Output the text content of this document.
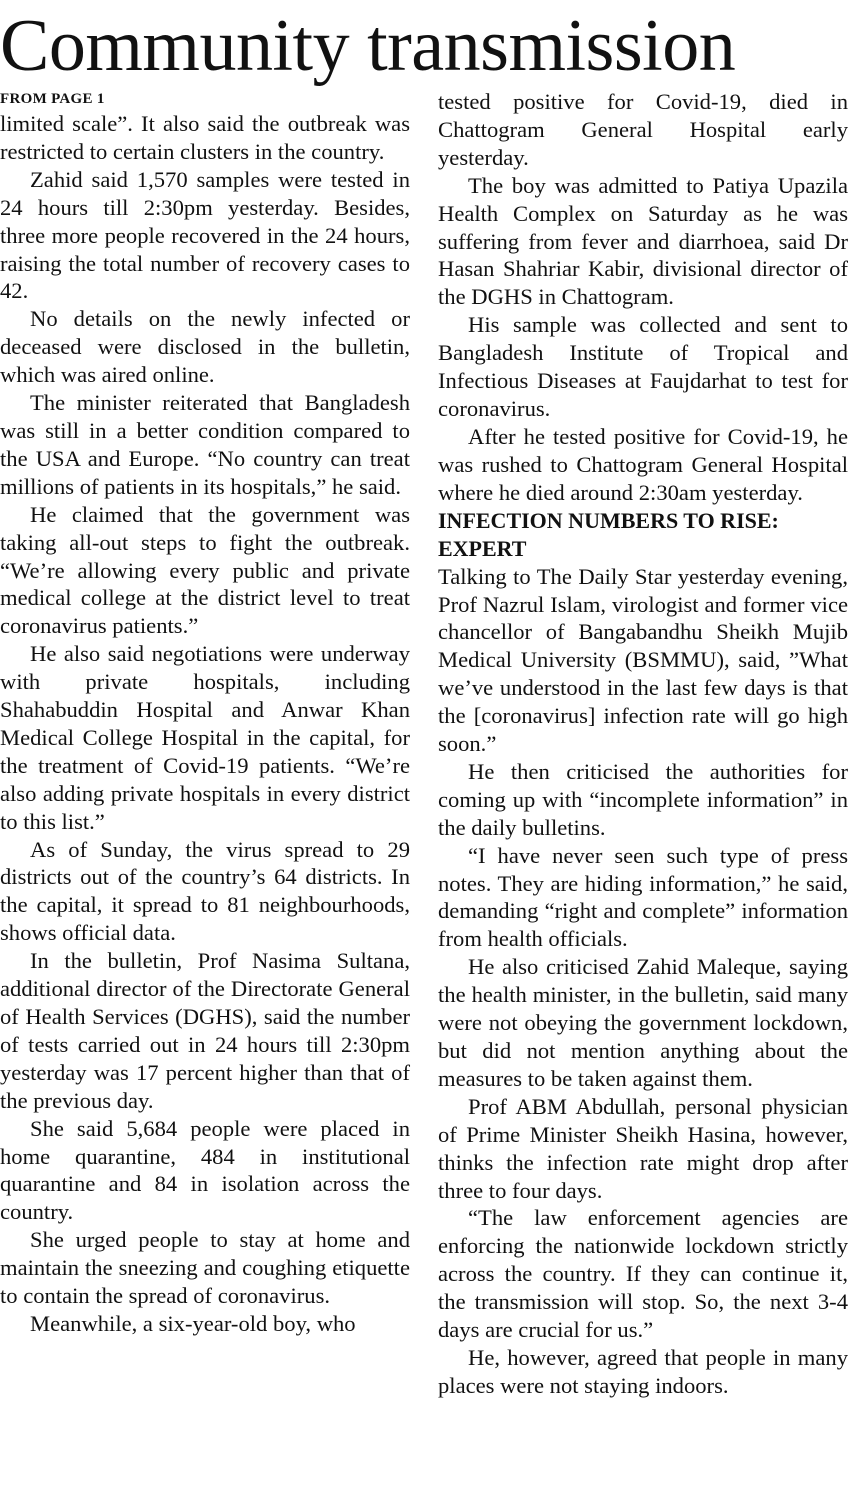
Community transmission
FROM PAGE 1

limited scale”. It also said the outbreak was restricted to certain clusters in the country.

Zahid said 1,570 samples were tested in 24 hours till 2:30pm yesterday. Besides, three more people recovered in the 24 hours, raising the total number of recovery cases to 42.

No details on the newly infected or deceased were disclosed in the bulletin, which was aired online.

The minister reiterated that Bangladesh was still in a better condition compared to the USA and Europe. “No country can treat millions of patients in its hospitals,” he said.

He claimed that the government was taking all-out steps to fight the outbreak. “We’re allowing every public and private medical college at the district level to treat coronavirus patients.”

He also said negotiations were underway with private hospitals, including Shahabuddin Hospital and Anwar Khan Medical College Hospital in the capital, for the treatment of Covid-19 patients. “We’re also adding private hospitals in every district to this list.”

As of Sunday, the virus spread to 29 districts out of the country’s 64 districts. In the capital, it spread to 81 neighbourhoods, shows official data.

In the bulletin, Prof Nasima Sultana, additional director of the Directorate General of Health Services (DGHS), said the number of tests carried out in 24 hours till 2:30pm yesterday was 17 percent higher than that of the previous day.

She said 5,684 people were placed in home quarantine, 484 in institutional quarantine and 84 in isolation across the country.

She urged people to stay at home and maintain the sneezing and coughing etiquette to contain the spread of coronavirus.

Meanwhile, a six-year-old boy, who

tested positive for Covid-19, died in Chattogram General Hospital early yesterday.

The boy was admitted to Patiya Upazila Health Complex on Saturday as he was suffering from fever and diarrhoea, said Dr Hasan Shahriar Kabir, divisional director of the DGHS in Chattogram.

His sample was collected and sent to Bangladesh Institute of Tropical and Infectious Diseases at Faujdarhat to test for coronavirus.

After he tested positive for Covid-19, he was rushed to Chattogram General Hospital where he died around 2:30am yesterday.

INFECTION NUMBERS TO RISE: EXPERT

Talking to The Daily Star yesterday evening, Prof Nazrul Islam, virologist and former vice chancellor of Bangabandhu Sheikh Mujib Medical University (BSMMU), said, ”What we’ve understood in the last few days is that the [coronavirus] infection rate will go high soon.”

He then criticised the authorities for coming up with “incomplete information” in the daily bulletins.

“I have never seen such type of press notes. They are hiding information,” he said, demanding “right and complete” information from health officials.

He also criticised Zahid Maleque, saying the health minister, in the bulletin, said many were not obeying the government lockdown, but did not mention anything about the measures to be taken against them.

Prof ABM Abdullah, personal physician of Prime Minister Sheikh Hasina, however, thinks the infection rate might drop after three to four days.

“The law enforcement agencies are enforcing the nationwide lockdown strictly across the country. If they can continue it, the transmission will stop. So, the next 3-4 days are crucial for us.”

He, however, agreed that people in many places were not staying indoors.
